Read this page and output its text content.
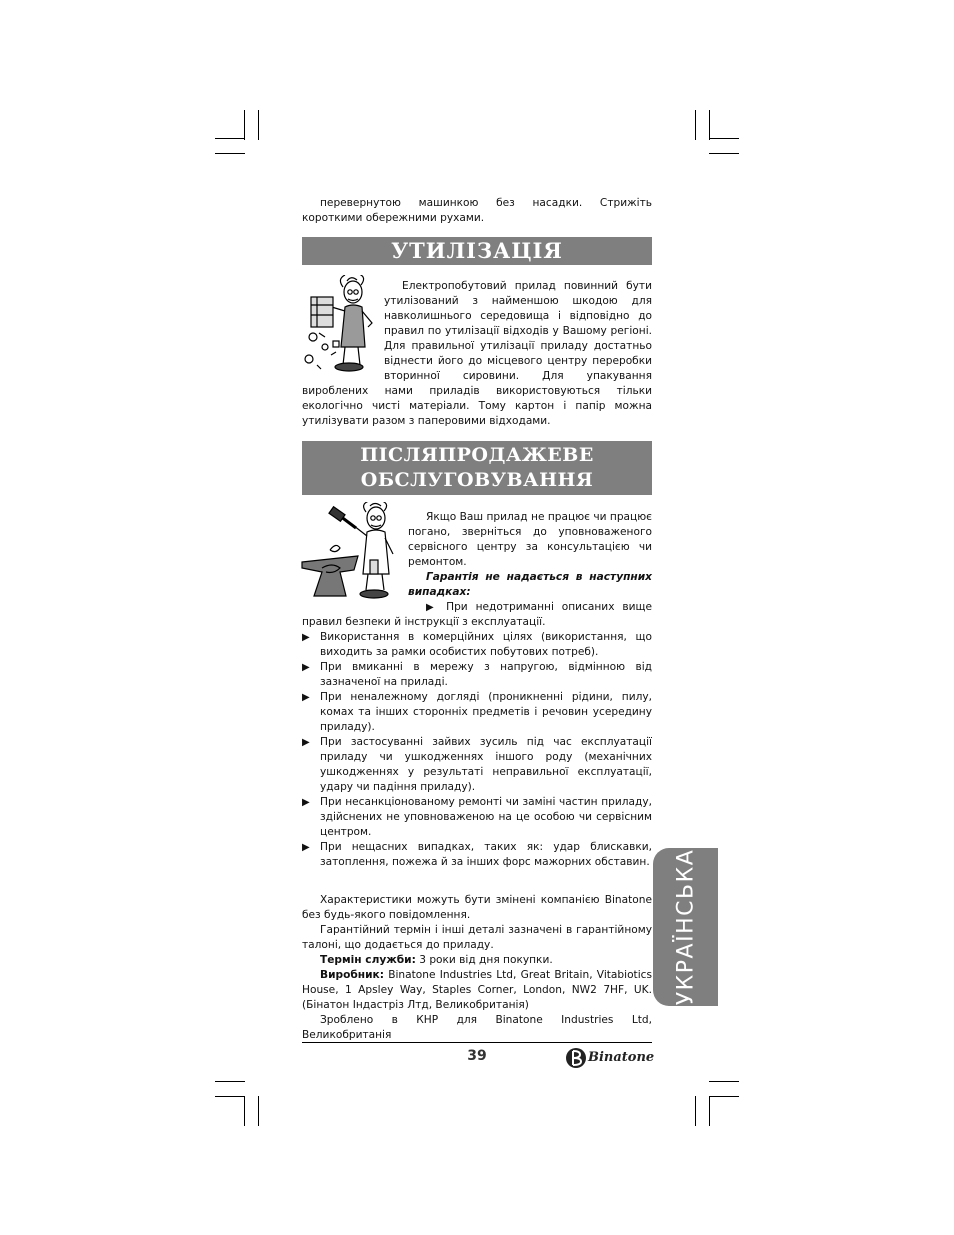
перевернутою машинкою без насадки. Стрижіть короткими обережними рухами.

УТИЛІЗАЦІЯ

Електропобутовий прилад повинний бути утилізований з найменшою шкодою для навколишнього середовища і відповідно до правил по утилізації відходів у Вашому регіоні. Для правильної утилізації приладу достатньо віднести його до місцевого центру переробки вторинної сировини. Для упакування вироблених нами приладів використовуються тільки екологічно чисті матеріали. Тому картон і папір можна утилізувати разом з паперовими відходами.

ПІСЛЯПРОДАЖЕВЕ
ОБСЛУГОВУВАННЯ

Якщо Ваш прилад не працює чи працює погано, зверніться до уповноваженого сервісного центру за консультацією чи ремонтом.

Гарантія не надається в наступних випадках:

▶ При недотриманні описаних вище правил безпеки й інструкції з експлуатації.

▶ Використання в комерційних цілях (використання, що виходить за рамки особистих побутових потреб).
▶ При вмиканні в мережу з напругою, відмінною від зазначеної на приладі.
▶ При неналежному догляді (проникненні рідини, пилу, комах та інших сторонніх предметів і речовин усередину приладу).
▶ При застосуванні зайвих зусиль під час експлуатації приладу чи ушкодженнях іншого роду (механічних ушкодженнях у результаті неправильної експлуатації, удару чи падіння приладу).
▶ При несанкціонованому ремонті чи заміні частин приладу, здійснених не уповноваженою на це особою чи сервісним центром.
▶ При нещасних випадках, таких як: удар блискавки, затоплення, пожежа й за інших форс мажорних обставин.

Характеристики можуть бути змінені компанією Binatone без будь-якого повідомлення.

Гарантійний термін і інші деталі зазначені в гарантійному талоні, що додається до приладу.

Термін служби: 3 роки від дня покупки.

Виробник: Binatone Industries Ltd, Great Britain, Vitabiotics House, 1 Apsley Way, Staples Corner, London, NW2 7HF, UK. (Бінатон Індастріз Лтд, Великобританія)

Зроблено в КНР для Binatone Industries Ltd, Великобританія

УКРАЇНСЬКА
39	Binatone
